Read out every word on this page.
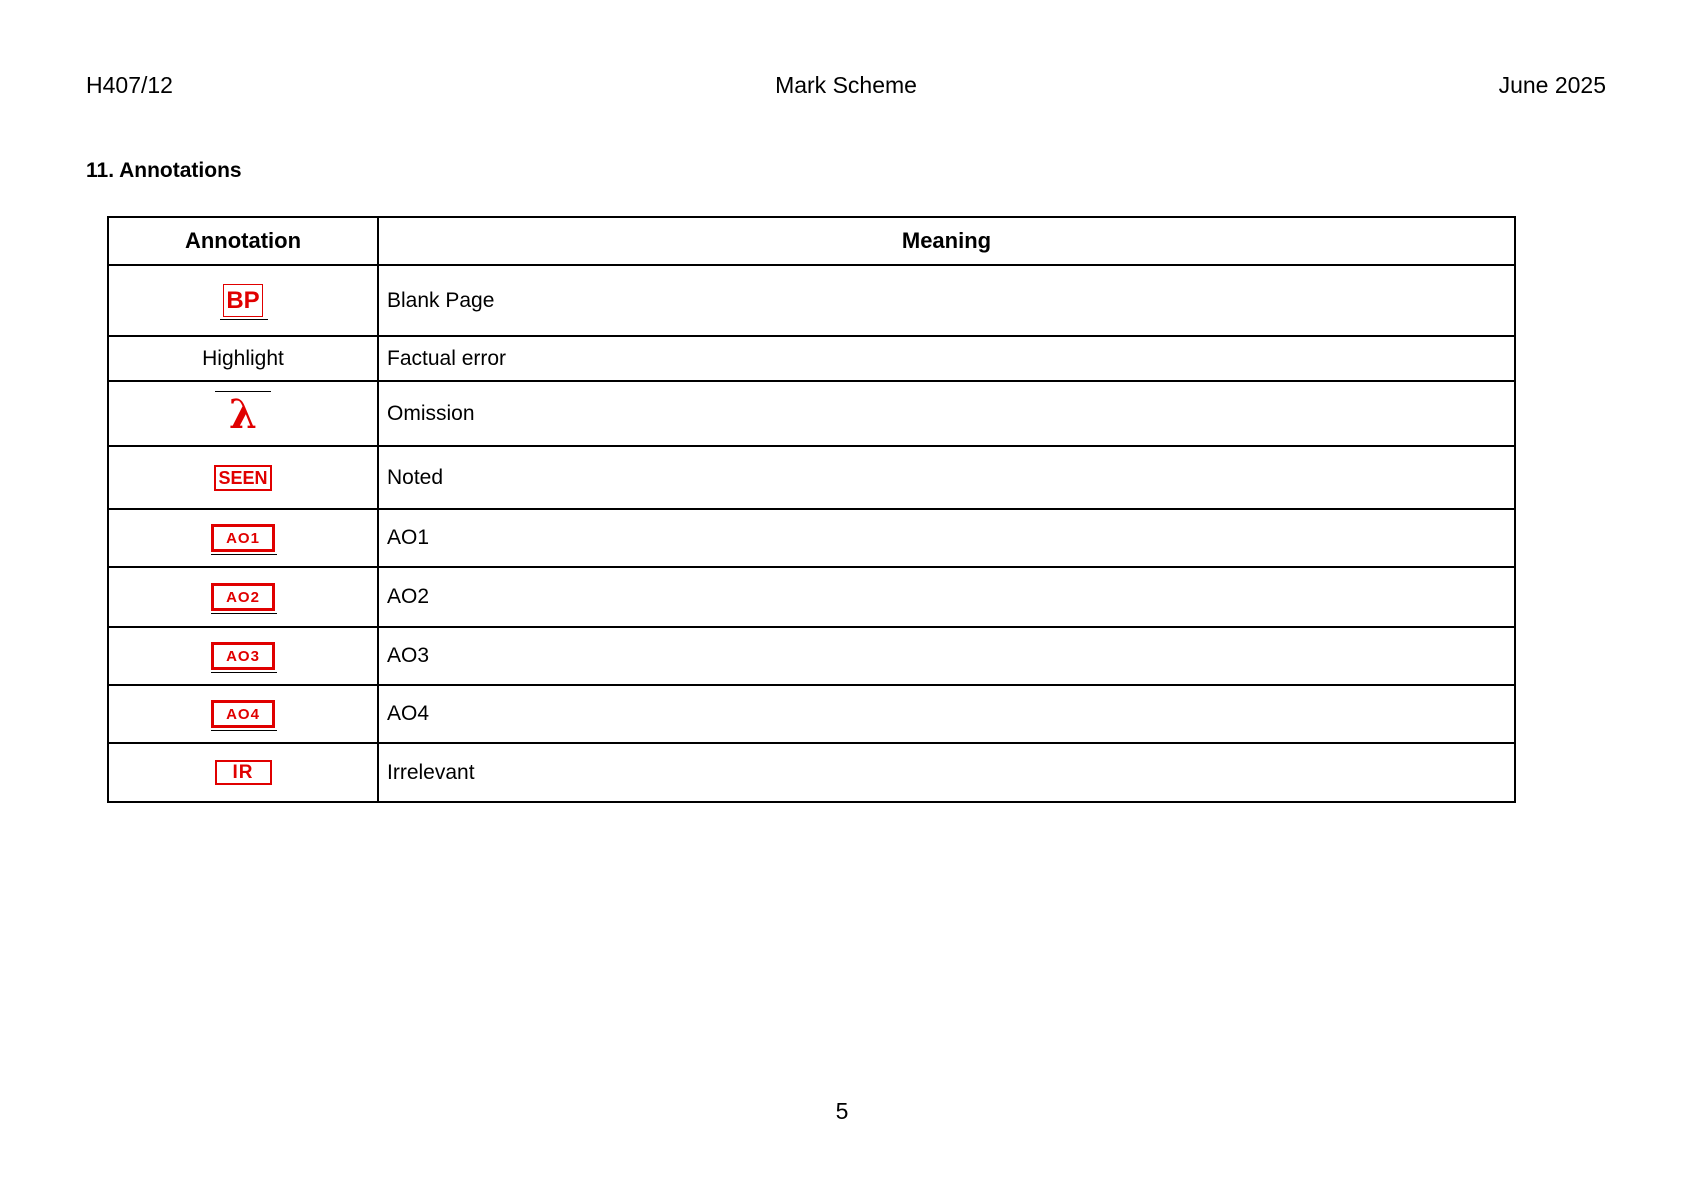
H407/12	Mark Scheme	June 2025
11. Annotations
Annotation	Meaning
BP	Blank Page
Highlight	Factual error
λ	Omission
SEEN	Noted
AO1	AO1
AO2	AO2
AO3	AO3
AO4	AO4
IR	Irrelevant
5
